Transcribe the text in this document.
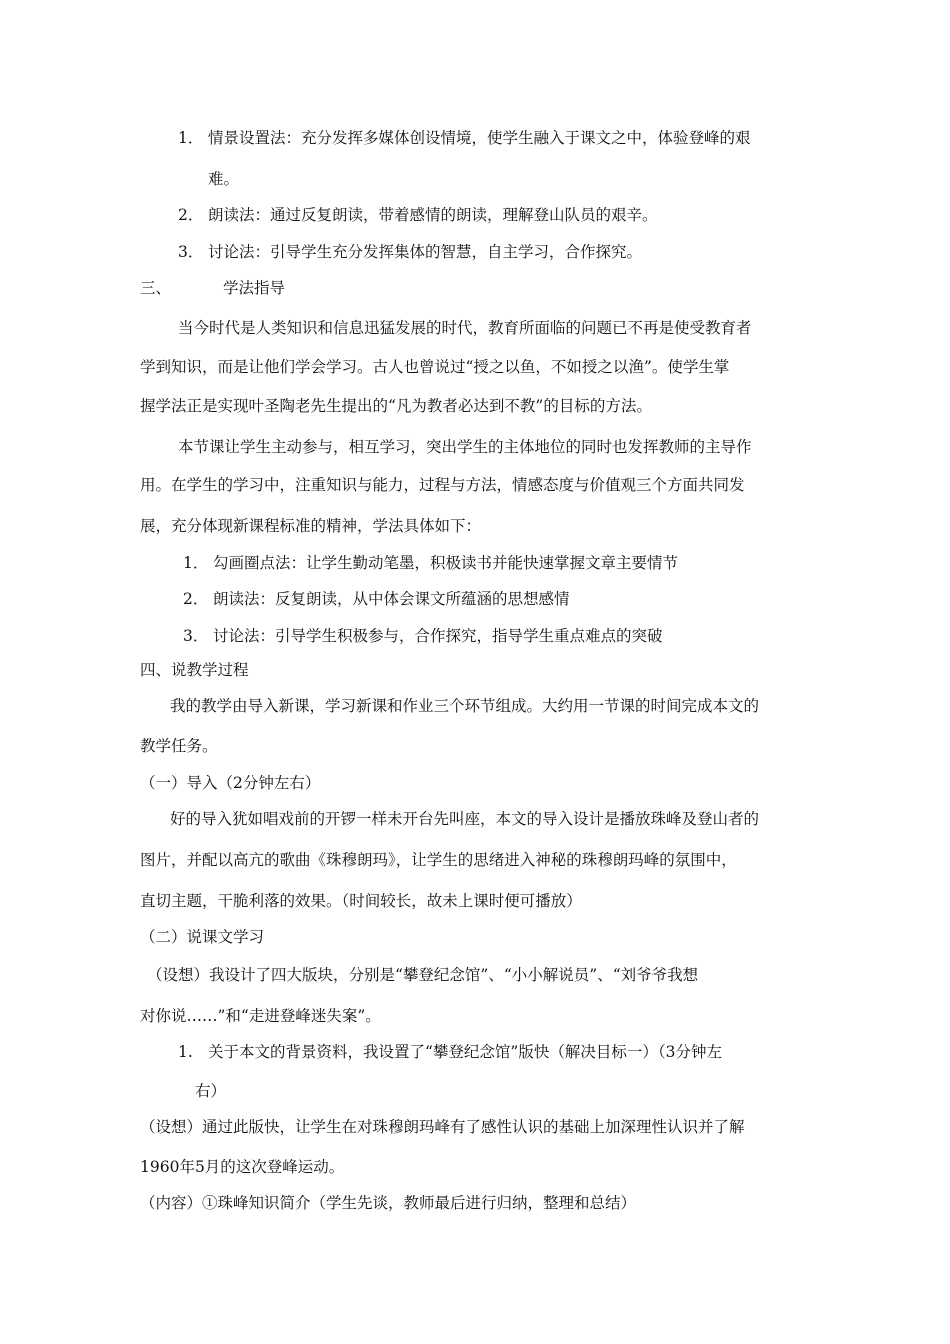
1． 情景设置法：充分发挥多媒体创设情境，使学生融入于课文之中，体验登峰的艰
难。
2． 朗读法：通过反复朗读，带着感情的朗读，理解登山队员的艰辛。
3． 讨论法：引导学生充分发挥集体的智慧，自主学习，合作探究。
三、	学法指导
当今时代是人类知识和信息迅猛发展的时代，教育所面临的问题已不再是使受教育者
学到知识，而是让他们学会学习。古人也曾说过“授之以鱼，不如授之以渔”。使学生掌
握学法正是实现叶圣陶老先生提出的“凡为教者必达到不教”的目标的方法。
本节课让学生主动参与，相互学习，突出学生的主体地位的同时也发挥教师的主导作
用。在学生的学习中，注重知识与能力，过程与方法，情感态度与价值观三个方面共同发
展，充分体现新课程标准的精神，学法具体如下：
1． 勾画圈点法：让学生勤动笔墨，积极读书并能快速掌握文章主要情节
2． 朗读法：反复朗读，从中体会课文所蕴涵的思想感情
3． 讨论法：引导学生积极参与，合作探究，指导学生重点难点的突破
四、说教学过程
我的教学由导入新课，学习新课和作业三个环节组成。大约用一节课的时间完成本文的
教学任务。
（一）导入（2分钟左右）
好的导入犹如唱戏前的开锣一样未开台先叫座，本文的导入设计是播放珠峰及登山者的
图片，并配以高亢的歌曲《珠穆朗玛》，让学生的思绪进入神秘的珠穆朗玛峰的氛围中，
直切主题，干脆利落的效果。（时间较长，故未上课时便可播放）
（二）说课文学习
（设想）我设计了四大版块，分别是“攀登纪念馆”、“小小解说员”、“刘爷爷我想
对你说……”和“走进登峰迷失案”。
1. 关于本文的背景资料，我设置了“攀登纪念馆”版快（解决目标一）（3分钟左
右）
（设想）通过此版快，让学生在对珠穆朗玛峰有了感性认识的基础上加深理性认识并了解
1960年5月的这次登峰运动。
（内容）①珠峰知识简介（学生先谈，教师最后进行归纳，整理和总结）
